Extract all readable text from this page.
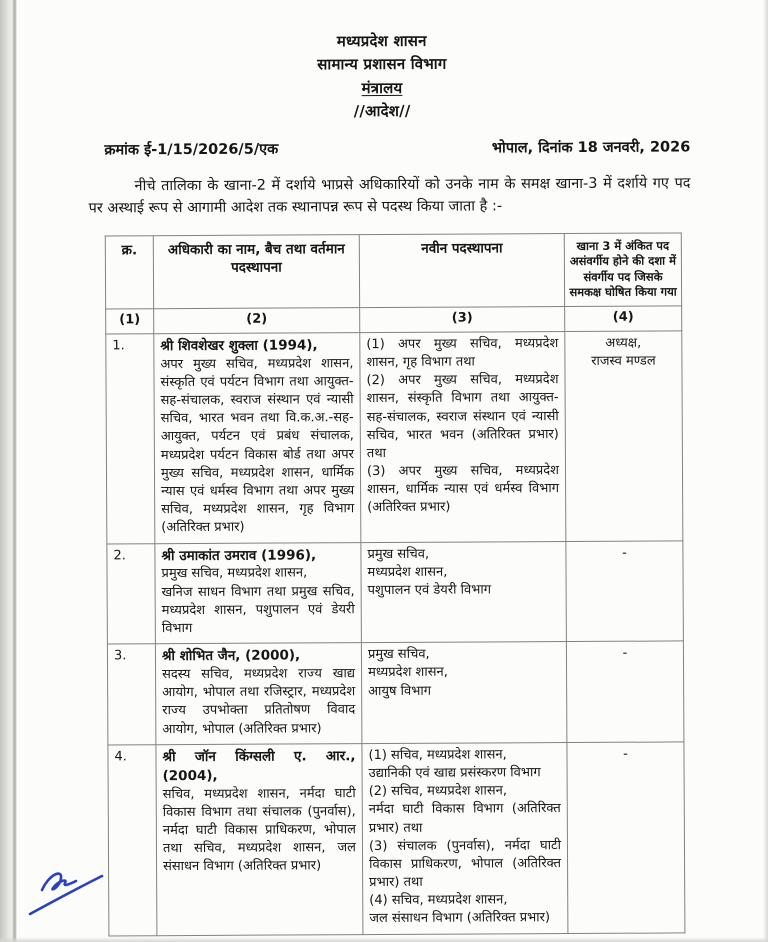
मध्यप्रदेश शासन
सामान्य प्रशासन विभाग
मंत्रालय
//आदेश//
क्रमांक ई-1/15/2026/5/एक	भोपाल, दिनांक 18 जनवरी, 2026

नीचे तालिका के खाना-2 में दर्शाये भाप्रसे अधिकारियों को उनके नाम के समक्ष खाना-3 में दर्शाये गए पद पर अस्थाई रूप से आगामी आदेश तक स्थानापन्न रूप से पदस्थ किया जाता है :-

क्र.	अधिकारी का नाम, बैच तथा वर्तमान पदस्थापना	नवीन पदस्थापना	खाना 3 में अंकित पद
असंवर्गीय होने की दशा में
संवर्गीय पद जिसके
समकक्ष घोषित किया गया
(1)	(2)	(3)	(4)
1.	श्री शिवशेखर शुक्ला (1994),
अपर मुख्य सचिव, मध्यप्रदेश शासन, संस्कृति एवं पर्यटन विभाग तथा आयुक्त-सह-संचालक, स्वराज संस्थान एवं न्यासी सचिव, भारत भवन तथा वि.क.अ.-सह-आयुक्त, पर्यटन एवं प्रबंध संचालक, मध्यप्रदेश पर्यटन विकास बोर्ड तथा अपर मुख्य सचिव, मध्यप्रदेश शासन, धार्मिक न्यास एवं धर्मस्व विभाग तथा अपर मुख्य सचिव, मध्यप्रदेश शासन, गृह विभाग (अतिरिक्त प्रभार)
	(1) अपर मुख्य सचिव, मध्यप्रदेश शासन, गृह विभाग तथा
(2) अपर मुख्य सचिव, मध्यप्रदेश शासन, संस्कृति विभाग तथा आयुक्त-सह-संचालक, स्वराज संस्थान एवं न्यासी सचिव, भारत भवन (अतिरिक्त प्रभार) तथा
(3) अपर मुख्य सचिव, मध्यप्रदेश शासन, धार्मिक न्यास एवं धर्मस्व विभाग (अतिरिक्त प्रभार)	अध्यक्ष,
राजस्व मण्डल
2.	श्री उमाकांत उमराव (1996),
प्रमुख सचिव, मध्यप्रदेश शासन,
खनिज साधन विभाग तथा प्रमुख सचिव, मध्यप्रदेश शासन, पशुपालन एवं डेयरी विभाग
	प्रमुख सचिव,
मध्यप्रदेश शासन,
पशुपालन एवं डेयरी विभाग	-
3.	श्री शोभित जैन, (2000),
सदस्य सचिव, मध्यप्रदेश राज्य खाद्य आयोग, भोपाल तथा रजिस्ट्रार, मध्यप्रदेश राज्य उपभोक्ता प्रतितोषण विवाद आयोग, भोपाल (अतिरिक्त प्रभार)
	प्रमुख सचिव,
मध्यप्रदेश शासन,
आयुष विभाग	-
4.	श्री जॉन किंग्सली ए. आर., (2004),
सचिव, मध्यप्रदेश शासन, नर्मदा घाटी विकास विभाग तथा संचालक (पुनर्वास), नर्मदा घाटी विकास प्राधिकरण, भोपाल तथा सचिव, मध्यप्रदेश शासन, जल संसाधन विभाग (अतिरिक्त प्रभार)
	(1) सचिव, मध्यप्रदेश शासन,
उद्यानिकी एवं खाद्य प्रसंस्करण विभाग
(2) सचिव, मध्यप्रदेश शासन,
नर्मदा घाटी विकास विभाग (अतिरिक्त प्रभार) तथा
(3) संचालक (पुनर्वास), नर्मदा घाटी विकास प्राधिकरण, भोपाल (अतिरिक्त प्रभार) तथा
(4) सचिव, मध्यप्रदेश शासन,
जल संसाधन विभाग (अतिरिक्त प्रभार)	-
